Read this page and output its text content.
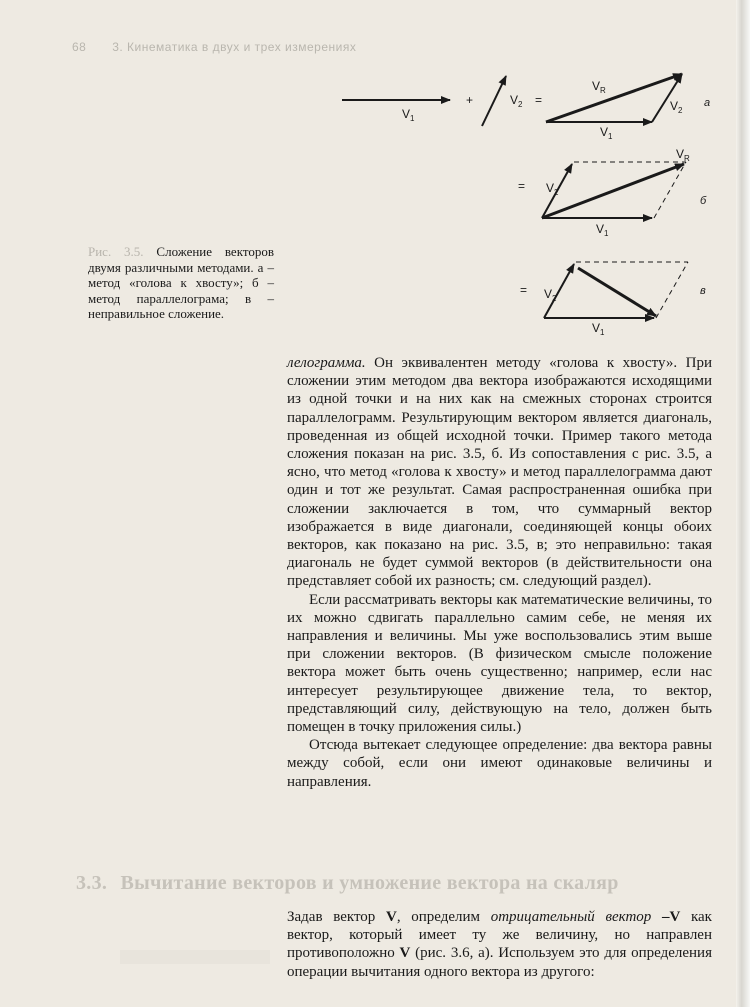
68 3. Кинематика в двух и трех измерениях
$V_1$
+	$V_2$ =
$V_1$
$V_2$
$V_R$
а
=
$V_1$
$V_2$
$V_R$
б
=
$V_1$
$V_2$
в
Рис. 3.5. Сложение векторов двумя различными методами. а – метод «голова к хвосту»; б – метод параллелограма; в – неправильное сложение.

лелограмма. Он эквивалентен методу «голова к хвосту». При сложении этим методом два вектора изображаются исходящими из одной точки и на них как на смежных сторонах строится параллелограмм. Результирующим вектором является диагональ, проведенная из общей исходной точки. Пример такого метода сложения показан на рис. 3.5, б. Из сопоставления с рис. 3.5, а ясно, что метод «голова к хвосту» и метод параллелограмма дают один и тот же результат. Самая распространенная ошибка при сложении заключается в том, что суммарный вектор изображается в виде диагонали, соединяющей концы обоих векторов, как показано на рис. 3.5, в; это неправильно: такая диагональ не будет суммой векторов (в действительности она представляет собой их разность; см. следующий раздел).

Если рассматривать векторы как математические величины, то их можно сдвигать параллельно самим себе, не меняя их направления и величины. Мы уже воспользовались этим выше при сложении векторов. (В физическом смысле положение вектора может быть очень существенно; например, если нас интересует результирующее движение тела, то вектор, представляющий силу, действующую на тело, должен быть помещен в точку приложения силы.)

Отсюда вытекает следующее определение: два вектора равны между собой, если они имеют одинаковые величины и направления.

3.3. Вычитание векторов и умножение вектора на скаляр

Задав вектор V, определим отрицательный вектор –V как вектор, который имеет ту же величину, но направлен противоположно V (рис. 3.6, а). Используем это для определения операции вычитания одного вектора из другого:
